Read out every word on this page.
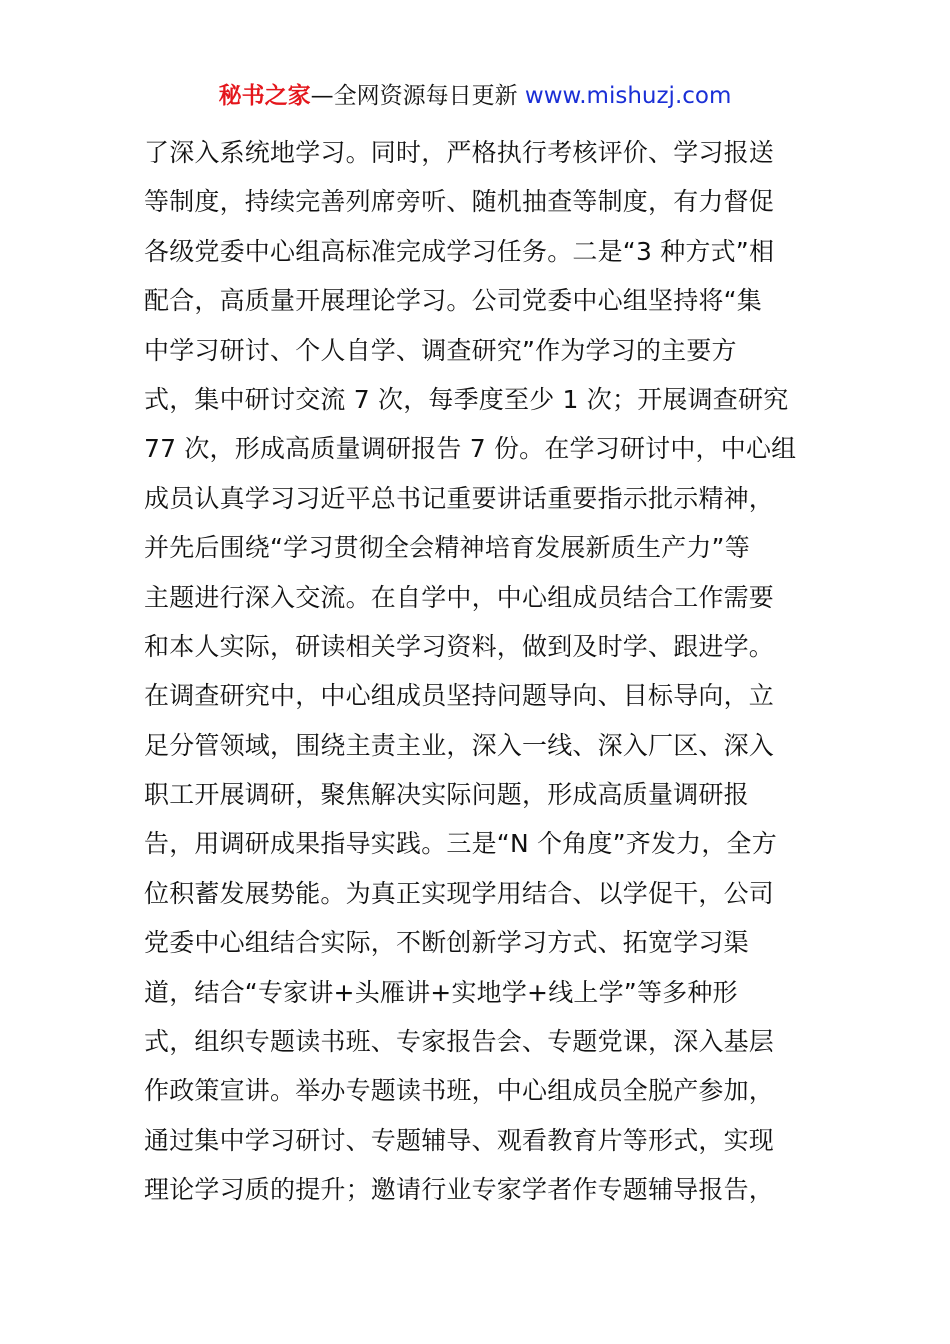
秘书之家—全网资源每日更新 www.mishuzj.com
了深入系统地学习。同时，严格执行考核评价、学习报送
等制度，持续完善列席旁听、随机抽查等制度，有力督促
各级党委中心组高标准完成学习任务。二是“3 种方式”相
配合，高质量开展理论学习。公司党委中心组坚持将“集
中学习研讨、个人自学、调查研究”作为学习的主要方
式，集中研讨交流 7 次，每季度至少 1 次；开展调查研究
77 次，形成高质量调研报告 7 份。在学习研讨中，中心组
成员认真学习习近平总书记重要讲话重要指示批示精神，
并先后围绕“学习贯彻全会精神培育发展新质生产力”等
主题进行深入交流。在自学中，中心组成员结合工作需要
和本人实际，研读相关学习资料，做到及时学、跟进学。
在调查研究中，中心组成员坚持问题导向、目标导向，立
足分管领域，围绕主责主业，深入一线、深入厂区、深入
职工开展调研，聚焦解决实际问题，形成高质量调研报
告，用调研成果指导实践。三是“N 个角度”齐发力，全方
位积蓄发展势能。为真正实现学用结合、以学促干，公司
党委中心组结合实际，不断创新学习方式、拓宽学习渠
道，结合“专家讲+头雁讲+实地学+线上学”等多种形
式，组织专题读书班、专家报告会、专题党课，深入基层
作政策宣讲。举办专题读书班，中心组成员全脱产参加，
通过集中学习研讨、专题辅导、观看教育片等形式，实现
理论学习质的提升；邀请行业专家学者作专题辅导报告，
